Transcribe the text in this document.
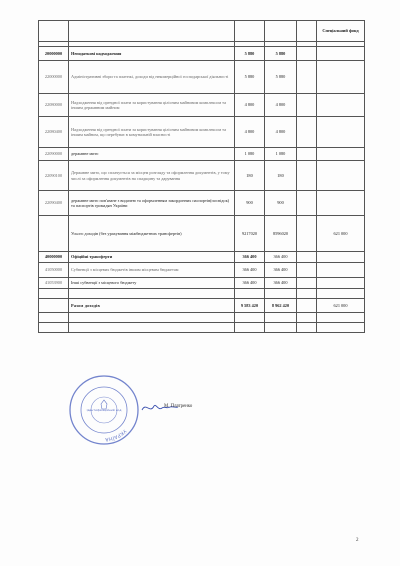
					Спеціальний фонд

20000000	Неподаткові надходження	5 880	5 880		
22000000	Адміністративні збори та платежі, доходи від некомерційної господарської діяльності	5 880	5 880		
22080000	Надходження від орендної плати за користування цілісним майновим комплексом та іншим державним майном	4 800	4 800		
22080400	Надходження від орендної плати за користування цілісним майновим комплексом та іншим майном, що перебуває в комунальній власності	4 800	4 800		
22090000	державне мито	1 080	1 080		
22090100	Державне мито, що сплачується за місцем розгляду та оформлення документів, у тому числі за оформлення документів на спадщину та дарування	180	180		
22090400	державне мито пов'язане з видачею та оформленням закордонних паспортів(посвідок) та паспортів громадян України	900	900		
	Усього доходів (без урахування міжбюджетних трансфертів)	9217020	8596020		621 000
40000000	Офіційні трансферти	366 400	366 400		
41050000	Субвенції з місцевих бюджетів іншим місцевим бюджетам	366 400	366 400		
41053900	Інші субвенції з місцевого бюджету	366 400	366 400		

	Разом доходів	9 583 420	8 962 420		621 000

УКРАЇНА
Ідентифікаційний код
М. Платренко
2
